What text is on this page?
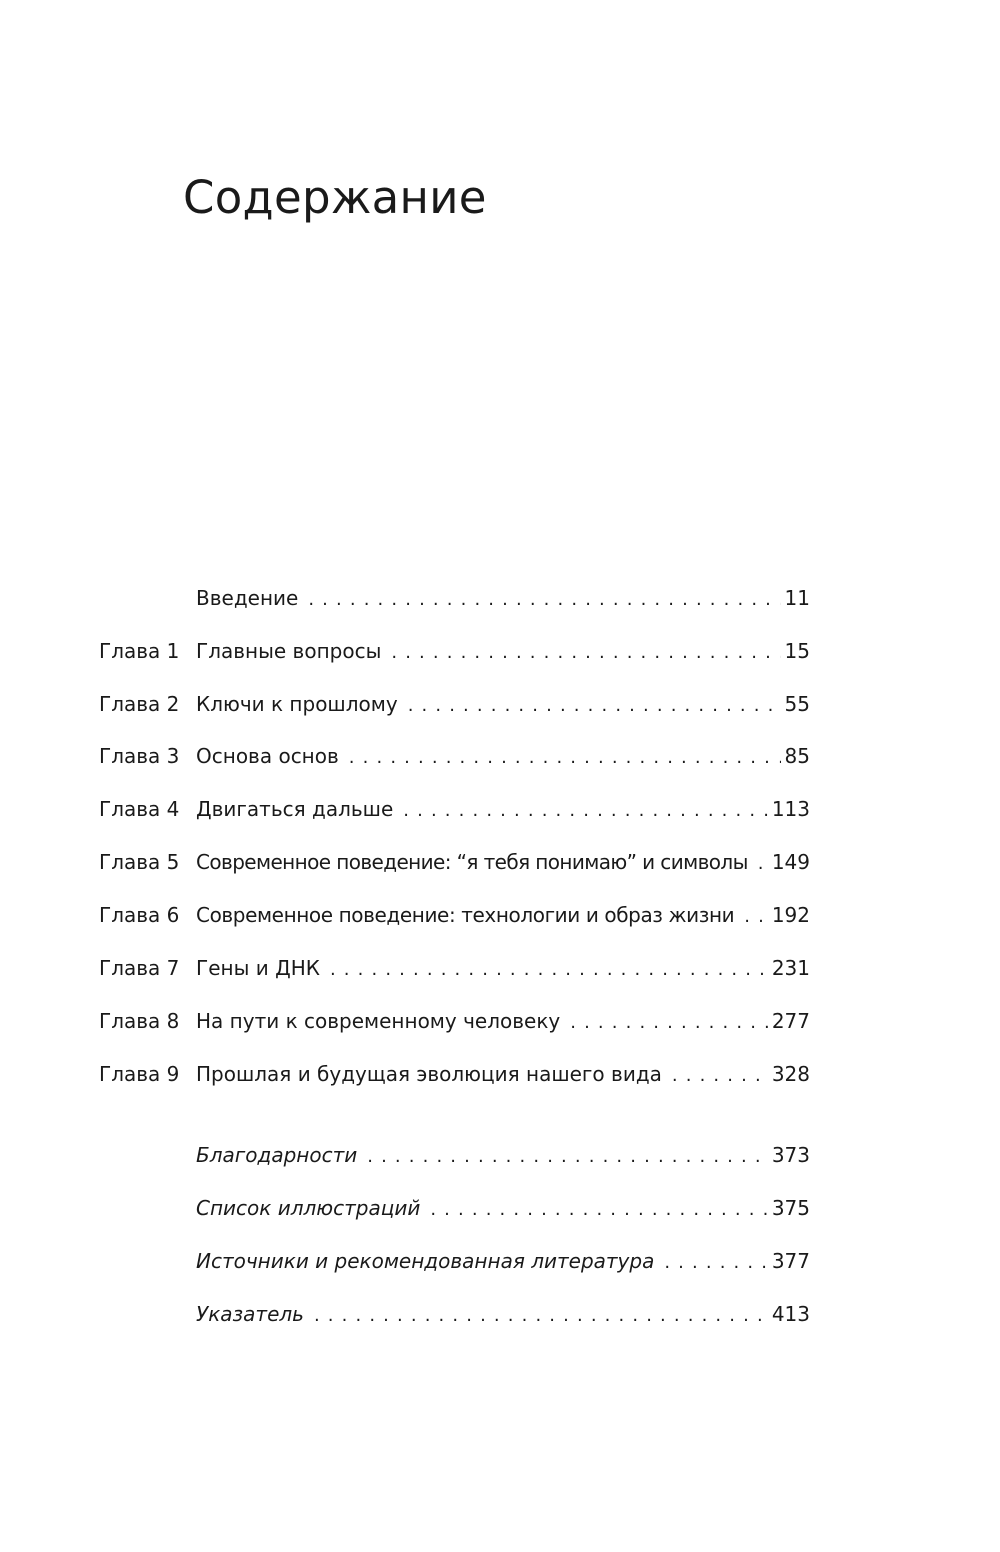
Содержание
Введение . . .	11
Глава 1 Главные вопросы . . .	15
Глава 2 Ключи к прошлому . . .	55
Глава 3 Основа основ . . .	85
Глава 4 Двигаться дальше . . .	113
Глава 5 Современное поведение: “я тебя понимаю” и символы . . . 149
Глава 6 Современное поведение: технологии и образ жизни . . . 192
Глава 7 Гены и ДНК . . .	231
Глава 8 На пути к современному человеку . . .	277
Глава 9 Прошлая и будущая эволюция нашего вида . . .	328
Благодарности . . .	373
Список иллюстраций . . .	375
Источники и рекомендованная литература . . .	377
Указатель . . .	413
